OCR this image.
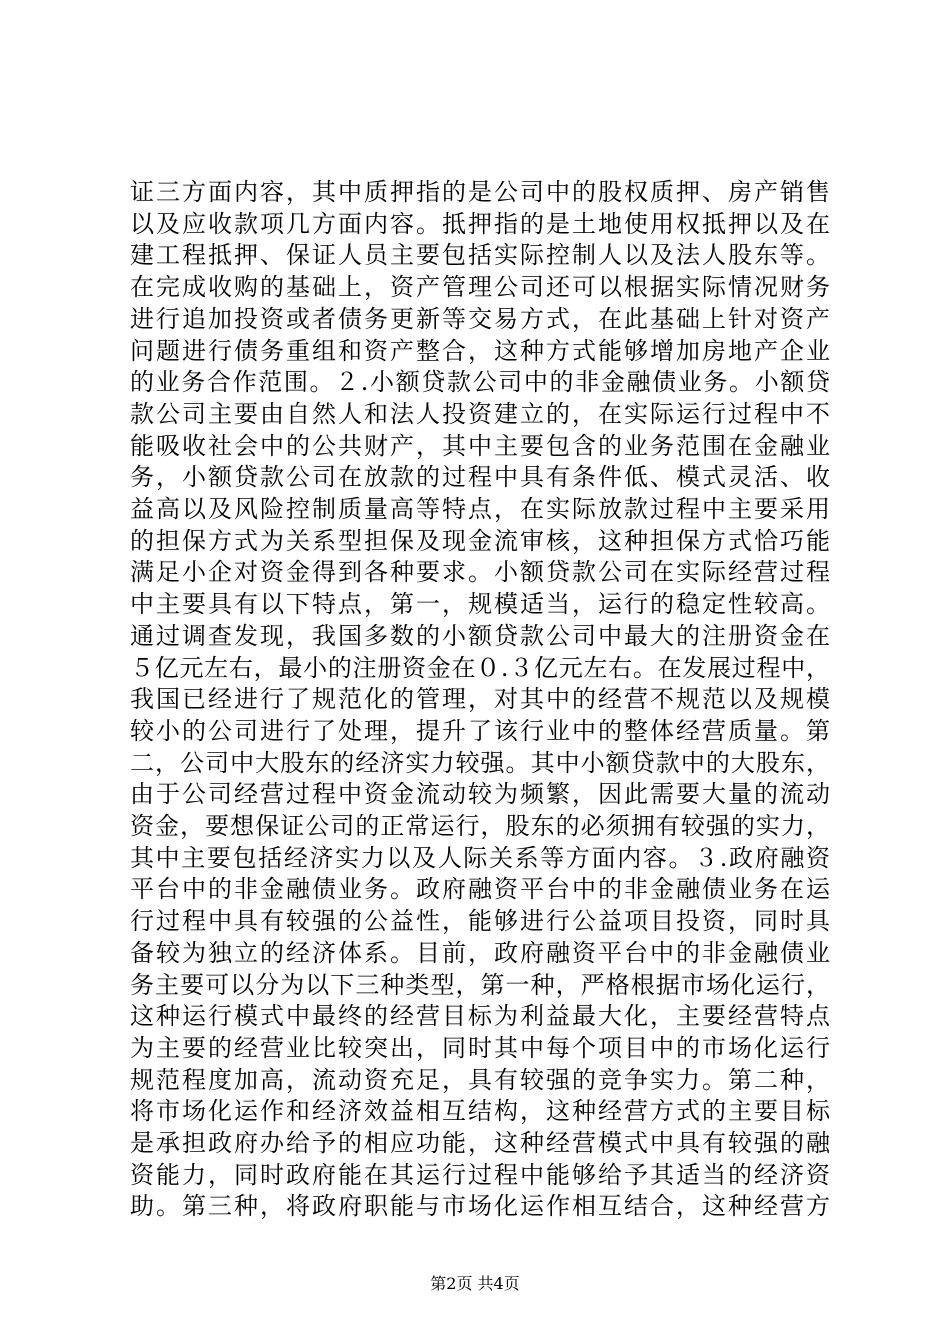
证三方面内容，其中质押指的是公司中的股权质押、房产销售
以及应收款项几方面内容。抵押指的是土地使用权抵押以及在
建工程抵押、保证人员主要包括实际控制人以及法人股东等。
在完成收购的基础上，资产管理公司还可以根据实际情况财务
进行追加投资或者债务更新等交易方式，在此基础上针对资产
问题进行债务重组和资产整合，这种方式能够增加房地产企业
的业务合作范围。２.小额贷款公司中的非金融债业务。小额贷
款公司主要由自然人和法人投资建立的，在实际运行过程中不
能吸收社会中的公共财产，其中主要包含的业务范围在金融业
务，小额贷款公司在放款的过程中具有条件低、模式灵活、收
益高以及风险控制质量高等特点，在实际放款过程中主要采用
的担保方式为关系型担保及现金流审核，这种担保方式恰巧能
满足小企对资金得到各种要求。小额贷款公司在实际经营过程
中主要具有以下特点，第一，规模适当，运行的稳定性较高。
通过调查发现，我国多数的小额贷款公司中最大的注册资金在
５亿元左右，最小的注册资金在０.３亿元左右。在发展过程中，
我国已经进行了规范化的管理，对其中的经营不规范以及规模
较小的公司进行了处理，提升了该行业中的整体经营质量。第
二，公司中大股东的经济实力较强。其中小额贷款中的大股东，
由于公司经营过程中资金流动较为频繁，因此需要大量的流动
资金，要想保证公司的正常运行，股东的必须拥有较强的实力，
其中主要包括经济实力以及人际关系等方面内容。３.政府融资
平台中的非金融债业务。政府融资平台中的非金融债业务在运
行过程中具有较强的公益性，能够进行公益项目投资，同时具
备较为独立的经济体系。目前，政府融资平台中的非金融债业
务主要可以分为以下三种类型，第一种，严格根据市场化运行，
这种运行模式中最终的经营目标为利益最大化，主要经营特点
为主要的经营业比较突出，同时其中每个项目中的市场化运行
规范程度加高，流动资充足，具有较强的竞争实力。第二种，
将市场化运作和经济效益相互结构，这种经营方式的主要目标
是承担政府办给予的相应功能，这种经营模式中具有较强的融
资能力，同时政府能在其运行过程中能够给予其适当的经济资
助。第三种，将政府职能与市场化运作相互结合，这种经营方
第2页 共4页
